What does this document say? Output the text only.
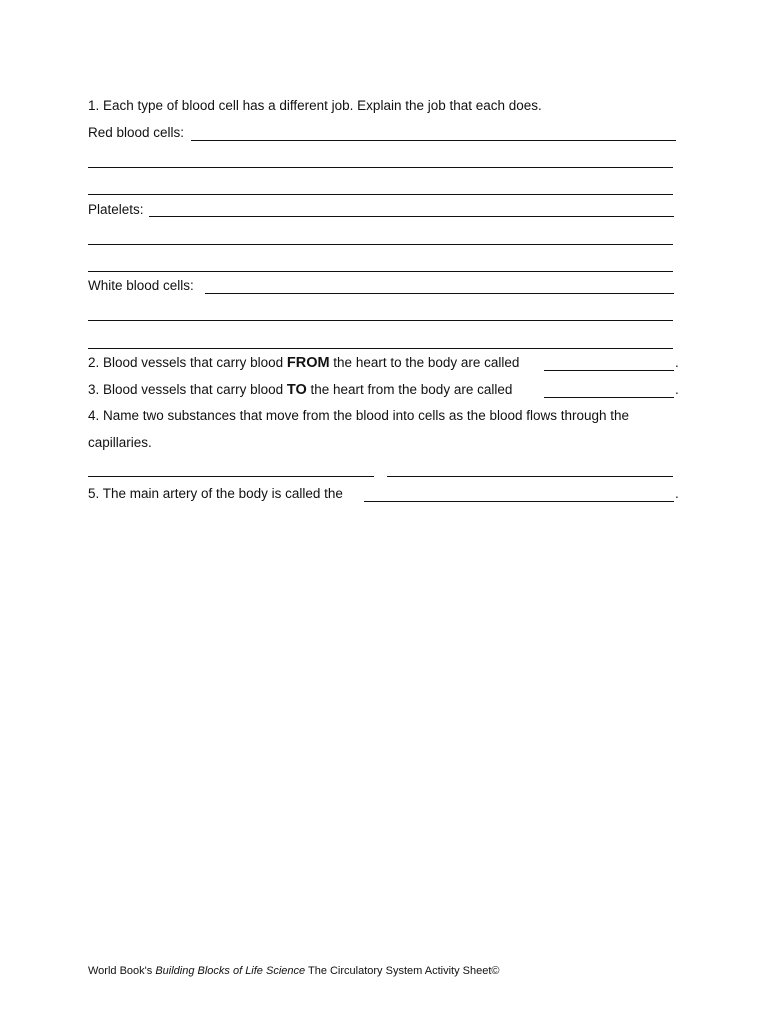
1. Each type of blood cell has a different job. Explain the job that each does.
Red blood cells:
Platelets:
White blood cells:
2. Blood vessels that carry blood FROM the heart to the body are called	.
3. Blood vessels that carry blood TO the heart from the body are called	.
4. Name two substances that move from the blood into cells as the blood flows through the
capillaries.
5. The main artery of the body is called the	.
World Book's Building Blocks of Life Science The Circulatory System Activity Sheet©
